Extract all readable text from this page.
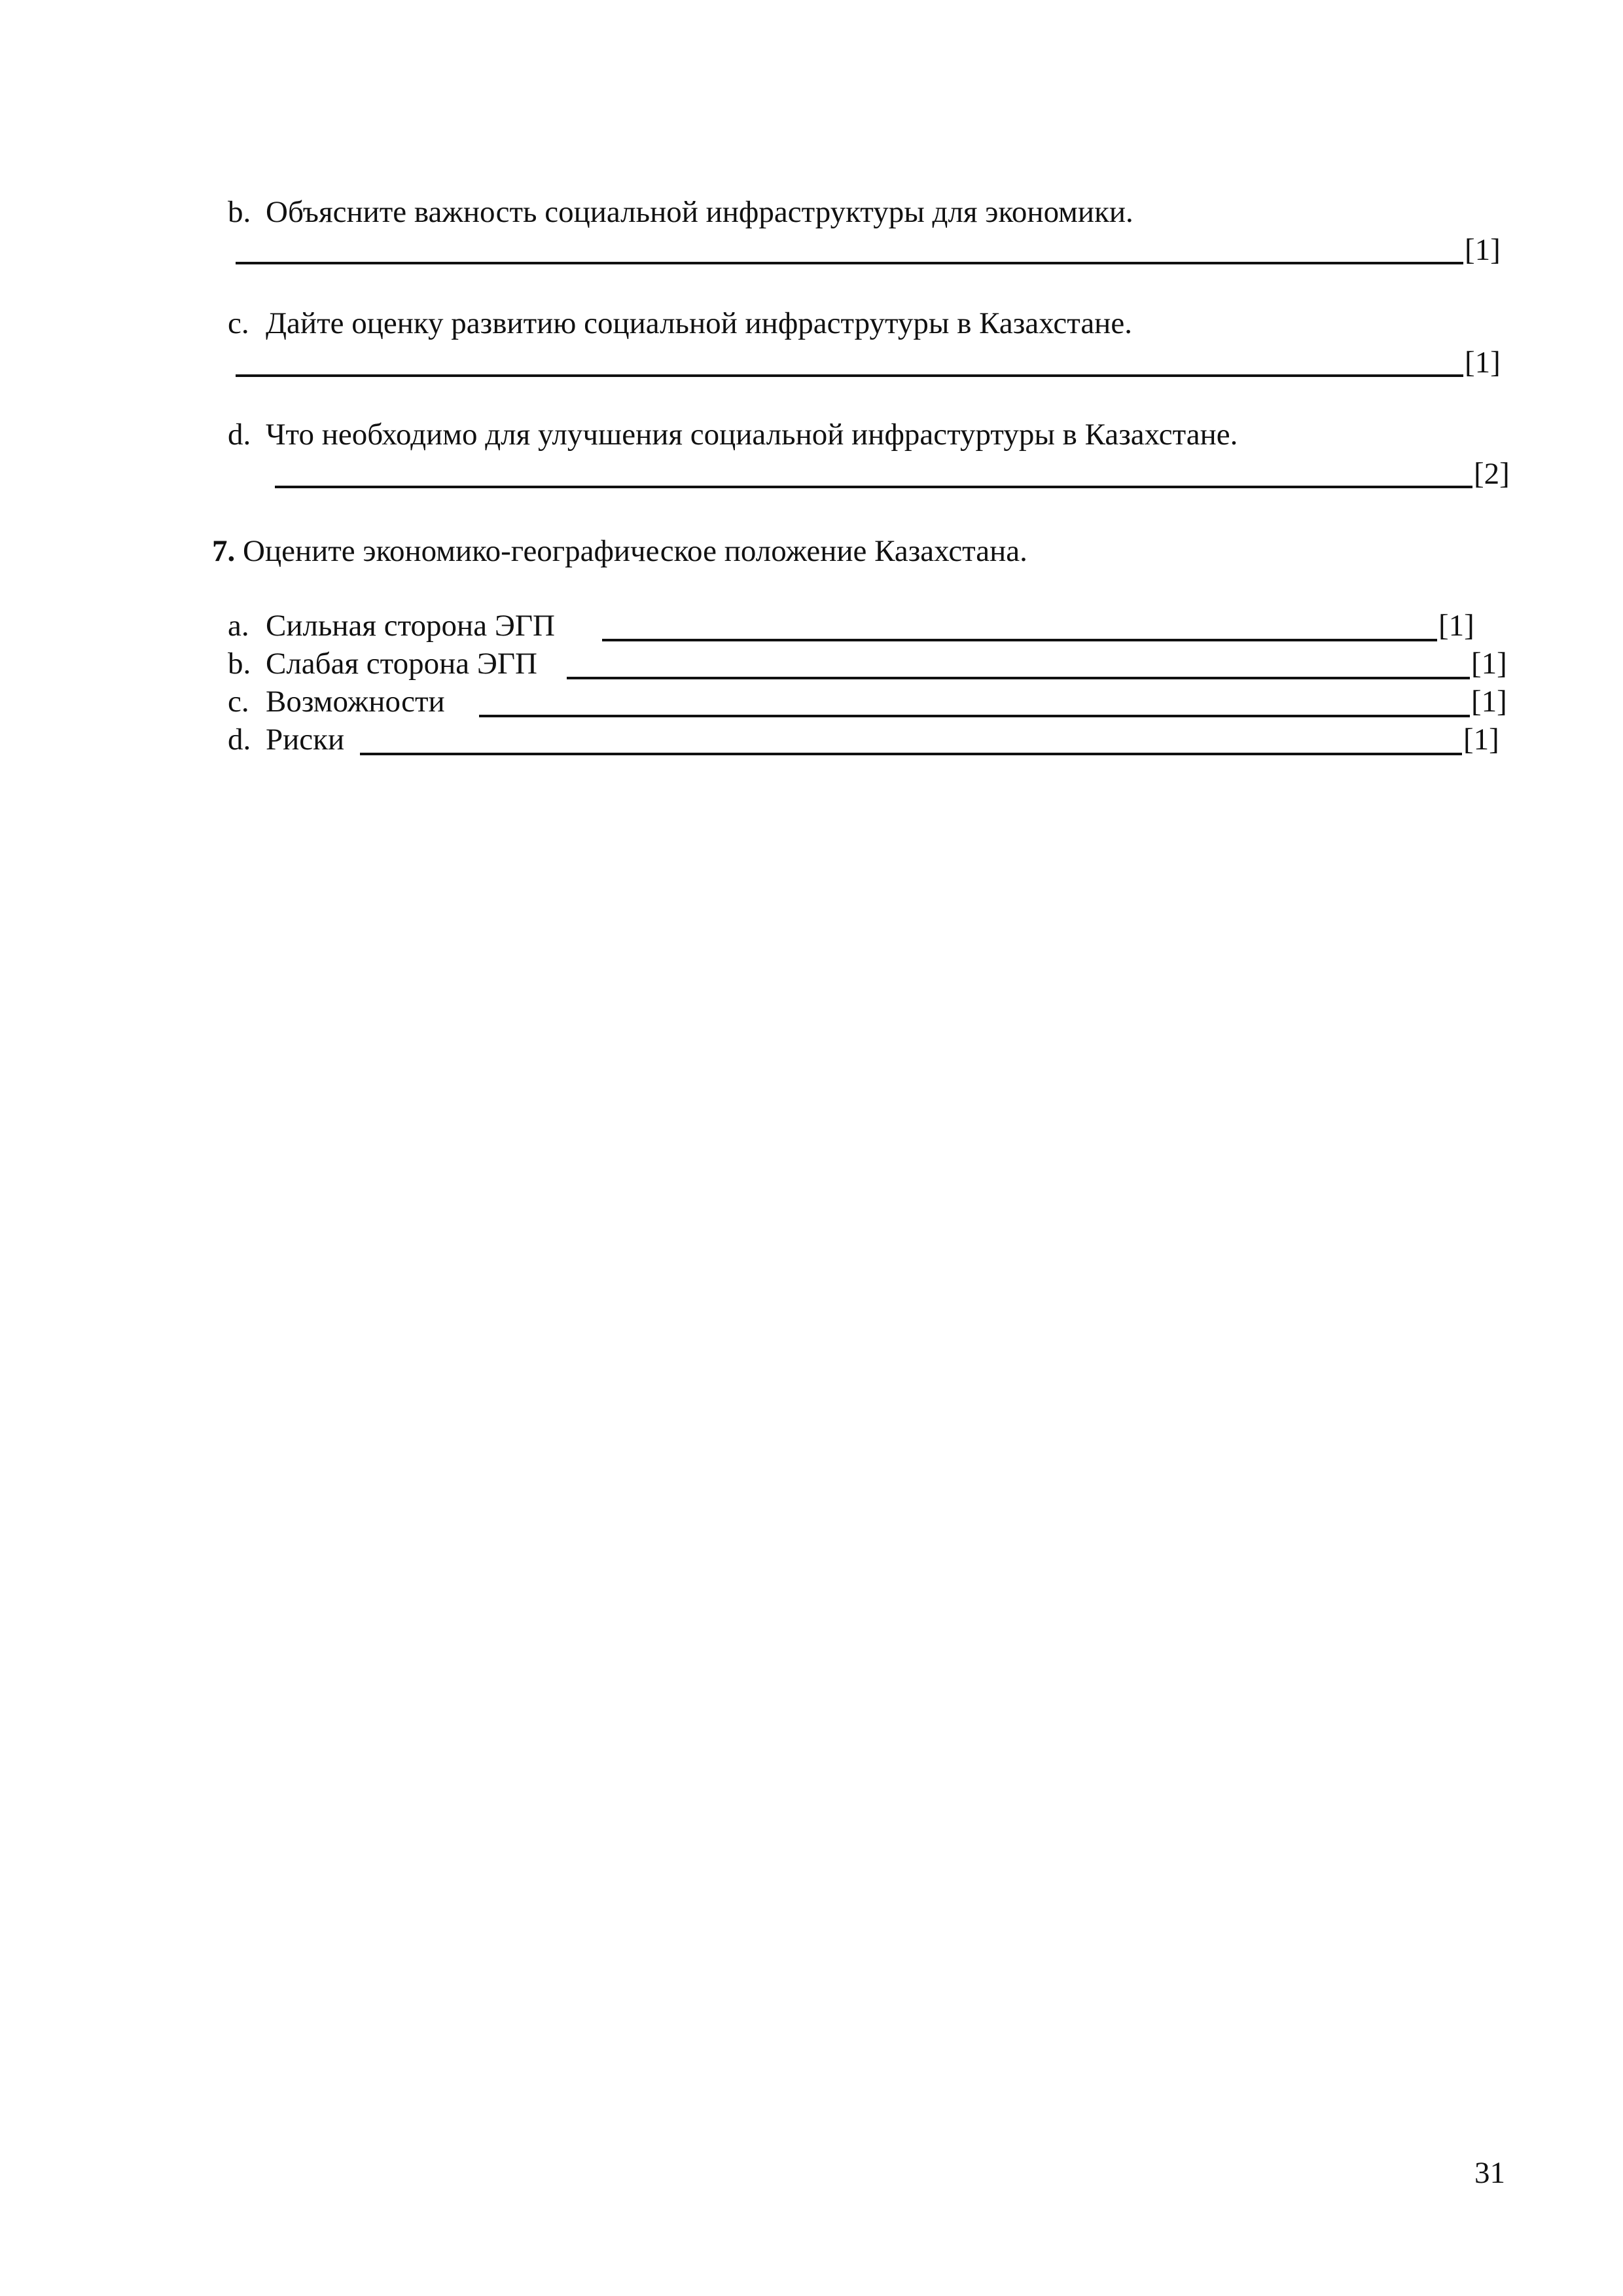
b. Объясните важность социальной инфраструктуры для экономики.
[1]
c. Дайте оценку развитию социальной инфраструтуры в Казахстане.
[1]
d. Что необходимо для улучшения социальной инфрастуртуры в Казахстане.
[2]
7. Оцените экономико-географическое положение Казахстана.
a. Сильная сторона ЭГП	[1]
b. Слабая сторона ЭГП	[1]
c. Возможности	[1]
d. Риски	[1]
31
